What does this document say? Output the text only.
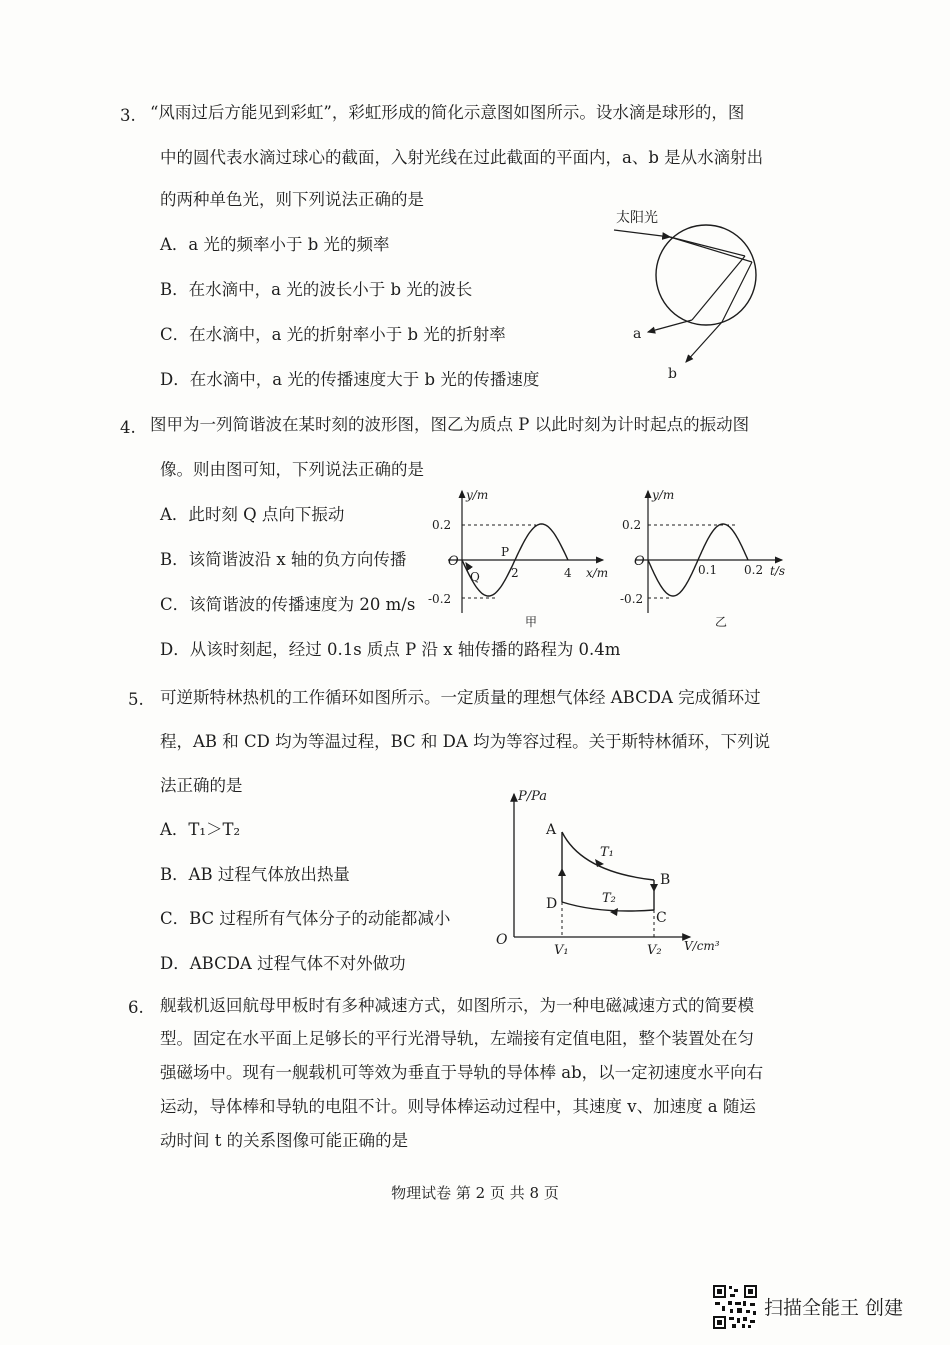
3. “风雨过后方能见到彩虹”，彩虹形成的简化示意图如图所示。设水滴是球形的，图
中的圆代表水滴过球心的截面，入射光线在过此截面的平面内，a、b 是从水滴射出
的两种单色光，则下列说法正确的是
A．a 光的频率小于 b 光的频率
B．在水滴中，a 光的波长小于 b 光的波长
C．在水滴中，a 光的折射率小于 b 光的折射率
D．在水滴中，a 光的传播速度大于 b 光的传播速度
太阳光
a
b
4. 图甲为一列简谐波在某时刻的波形图，图乙为质点 P 以此时刻为计时起点的振动图
像。则由图可知，下列说法正确的是
A．此时刻 Q 点向下振动
B．该简谐波沿 x 轴的负方向传播
C．该简谐波的传播速度为 20 m/s
D．从该时刻起，经过 0.1s 质点 P 沿 x 轴传播的路程为 0.4m
y/m
x/m
O
0.2
-0.2
P
Q	2	4
甲
y/m
t/s
O
0.2
-0.2
0.1 0.2
乙
5. 可逆斯特林热机的工作循环如图所示。一定质量的理想气体经 ABCDA 完成循环过
程，AB 和 CD 均为等温过程，BC 和 DA 均为等容过程。关于斯特林循环，下列说
法正确的是
A．T₁＞T₂
B．AB 过程气体放出热量
C．BC 过程所有气体分子的动能都减小
D．ABCDA 过程气体不对外做功
P/Pa
V/cm³
O
A
B
C
D
T₁
T₂
V₁	V₂
6. 舰载机返回航母甲板时有多种减速方式，如图所示，为一种电磁减速方式的简要模
型。固定在水平面上足够长的平行光滑导轨，左端接有定值电阻，整个装置处在匀
强磁场中。现有一舰载机可等效为垂直于导轨的导体棒 ab，以一定初速度水平向右
运动，导体棒和导轨的电阻不计。则导体棒运动过程中，其速度 v、加速度 a 随运
动时间 t 的关系图像可能正确的是
物理试卷 第 2 页 共 8 页
扫描全能王 创建
